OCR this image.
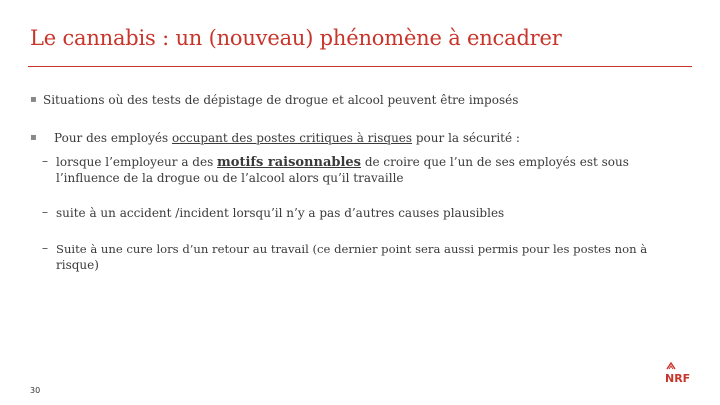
Le cannabis : un (nouveau) phénomène à encadrer
▪ Situations où des tests de dépistage de drogue et alcool peuvent être imposés
▪ Pour des employés occupant des postes critiques à risques pour la sécurité :
– lorsque l’employeur a des motifs raisonnables de croire que l’un de ses employés est sous
l’influence de la drogue ou de l’alcool alors qu’il travaille
– suite à un accident /incident lorsqu’il n’y a pas d’autres causes plausibles
– Suite à une cure lors d’un retour au travail (ce dernier point sera aussi permis pour les postes non à
risque)
30
NRF
